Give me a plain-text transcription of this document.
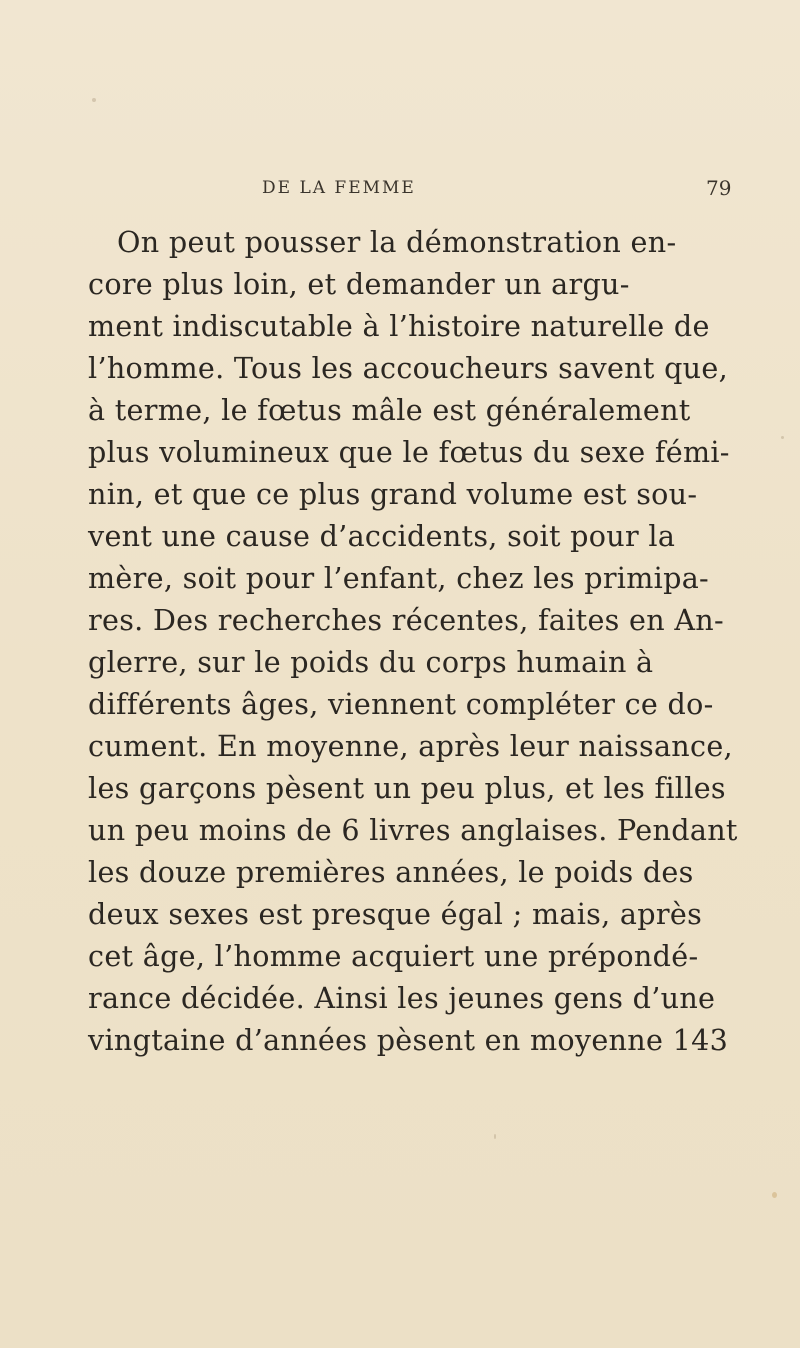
DE LA FEMME	79
On peut pousser la démonstration en-
core plus loin, et demander un argu-
ment indiscutable à l’histoire naturelle de
l’homme. Tous les accoucheurs savent que,
à terme, le fœtus mâle est généralement
plus volumineux que le fœtus du sexe fémi-
nin, et que ce plus grand volume est sou-
vent une cause d’accidents, soit pour la
mère, soit pour l’enfant, chez les primipa-
res. Des recherches récentes, faites en An-
glerre, sur le poids du corps humain à
différents âges, viennent compléter ce do-
cument. En moyenne, après leur naissance,
les garçons pèsent un peu plus, et les filles
un peu moins de 6 livres anglaises. Pendant
les douze premières années, le poids des
deux sexes est presque égal ; mais, après
cet âge, l’homme acquiert une prépondé-
rance décidée. Ainsi les jeunes gens d’une
vingtaine d’années pèsent en moyenne 143
